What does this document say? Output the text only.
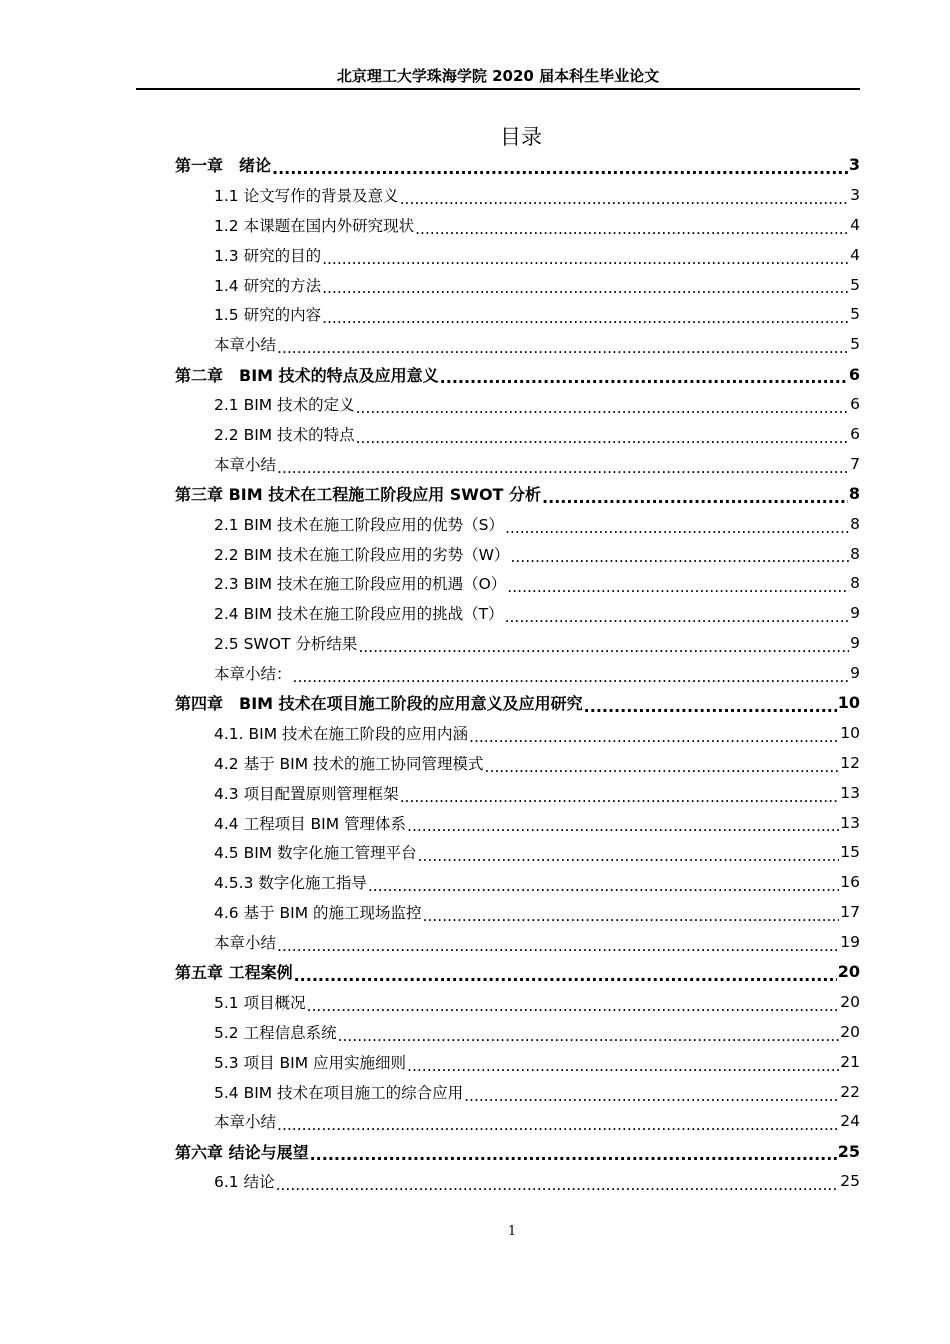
北京理工大学珠海学院 2020 届本科生毕业论文
目录
第一章　绪论 .....	3
1.1 论文写作的背景及意义 .....	3
1.2 本课题在国内外研究现状 .....	4
1.3 研究的目的 .....	4
1.4 研究的方法 .....	5
1.5 研究的内容 .....	5
本章小结 .....	5
第二章　BIM 技术的特点及应用意义 .....	6
2.1 BIM 技术的定义 .....	6
2.2 BIM 技术的特点 .....	6
本章小结 .....	7
第三章 BIM 技术在工程施工阶段应用 SWOT 分析 .....	8
2.1 BIM 技术在施工阶段应用的优势（S） .....	8
2.2 BIM 技术在施工阶段应用的劣势（W） .....	8
2.3 BIM 技术在施工阶段应用的机遇（O） .....	8
2.4 BIM 技术在施工阶段应用的挑战（T） .....	9
2.5 SWOT 分析结果 .....	9
本章小结： .....	9
第四章　BIM 技术在项目施工阶段的应用意义及应用研究 .....	10
4.1. BIM 技术在施工阶段的应用内涵 .....	10
4.2 基于 BIM 技术的施工协同管理模式 .....	12
4.3 项目配置原则管理框架 .....	13
4.4 工程项目 BIM 管理体系 .....	13
4.5 BIM 数字化施工管理平台 .....	15
4.5.3 数字化施工指导 .....	16
4.6 基于 BIM 的施工现场监控 .....	17
本章小结 .....	19
第五章 工程案例 .....	20
5.1 项目概况 .....	20
5.2 工程信息系统 .....	20
5.3 项目 BIM 应用实施细则 .....	21
5.4 BIM 技术在项目施工的综合应用 .....	22
本章小结 .....	24
第六章 结论与展望 .....	25
6.1 结论 .....	25
1
